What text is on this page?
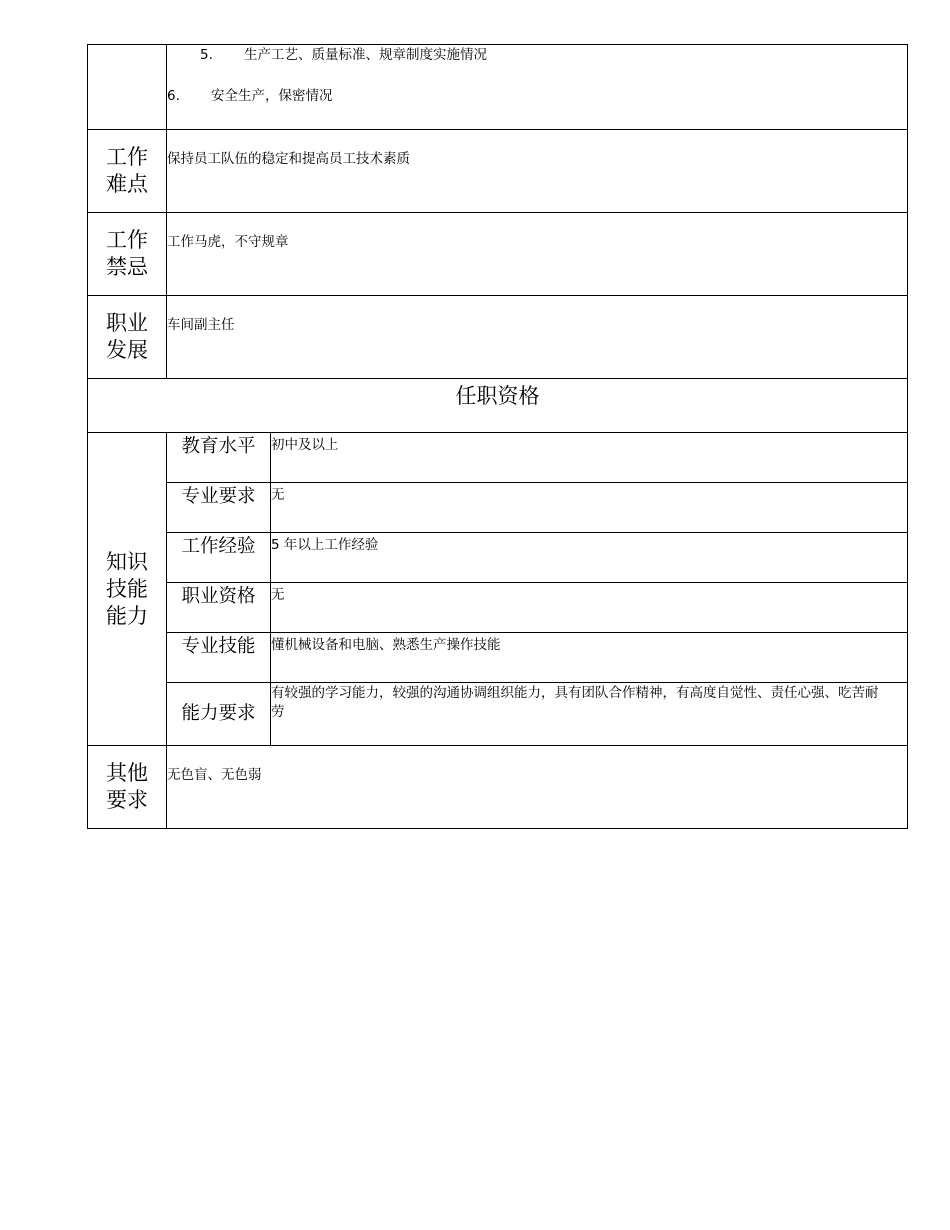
	5. 生产工艺、质量标准、规章制度实施情况
6. 安全生产，保密情况	

工作难点	保持员工队伍的稳定和提高员工技术素质	

工作禁忌	工作马虎，不守规章	

职业发展	车间副主任	
任职资格		

知识技能能力	教育水平	初中及以上
	专业要求	无
	工作经验	5 年以上工作经验
	职业资格	无
	专业技能	懂机械设备和电脑、熟悉生产操作技能
	能力要求	有较强的学习能力，较强的沟通协调组织能力，具有团队合作精神，有高度自觉性、责任心强、吃苦耐劳

其他要求	无色盲、无色弱	
